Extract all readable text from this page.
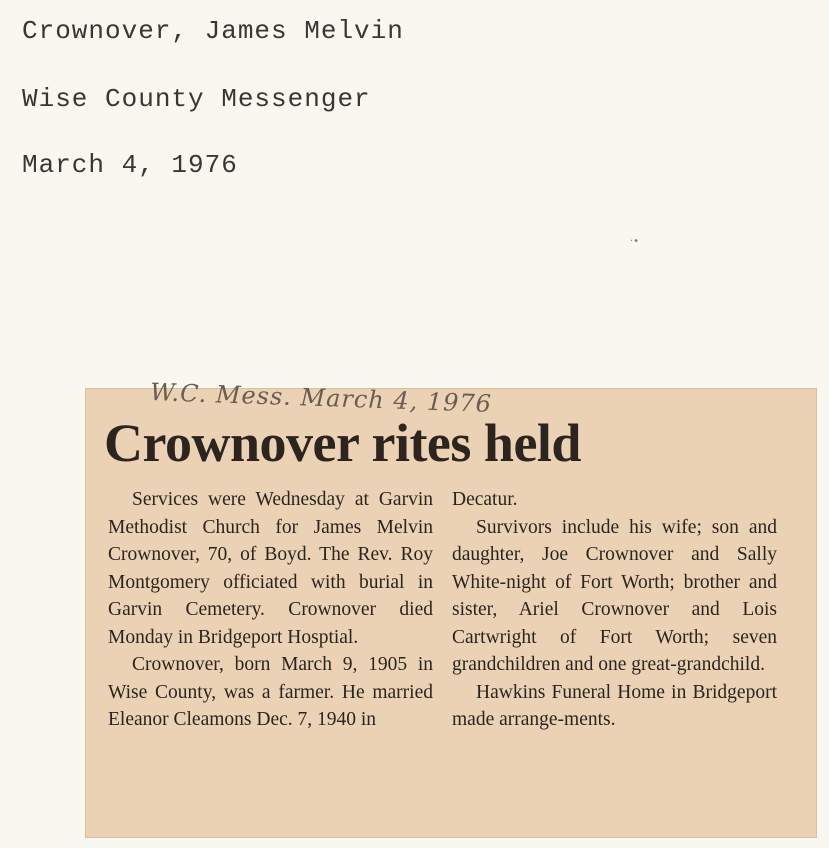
Crownover, James Melvin
Wise County Messenger
March 4, 1976
·•
W.C. Mess. March 4, 1976
Crownover rites held

Services were Wednesday at Garvin Methodist Church for James Melvin Crownover, 70, of Boyd. The Rev. Roy Montgomery officiated with burial in Garvin Cemetery. Crownover died Monday in Bridgeport Hosptial.

Crownover, born March 9, 1905 in Wise County, was a farmer. He married Eleanor Cleamons Dec. 7, 1940 in

Decatur.

Survivors include his wife; son and daughter, Joe Crownover and Sally White-night of Fort Worth; brother and sister, Ariel Crownover and Lois Cartwright of Fort Worth; seven grandchildren and one great-grandchild.

Hawkins Funeral Home in Bridgeport made arrange-ments.
